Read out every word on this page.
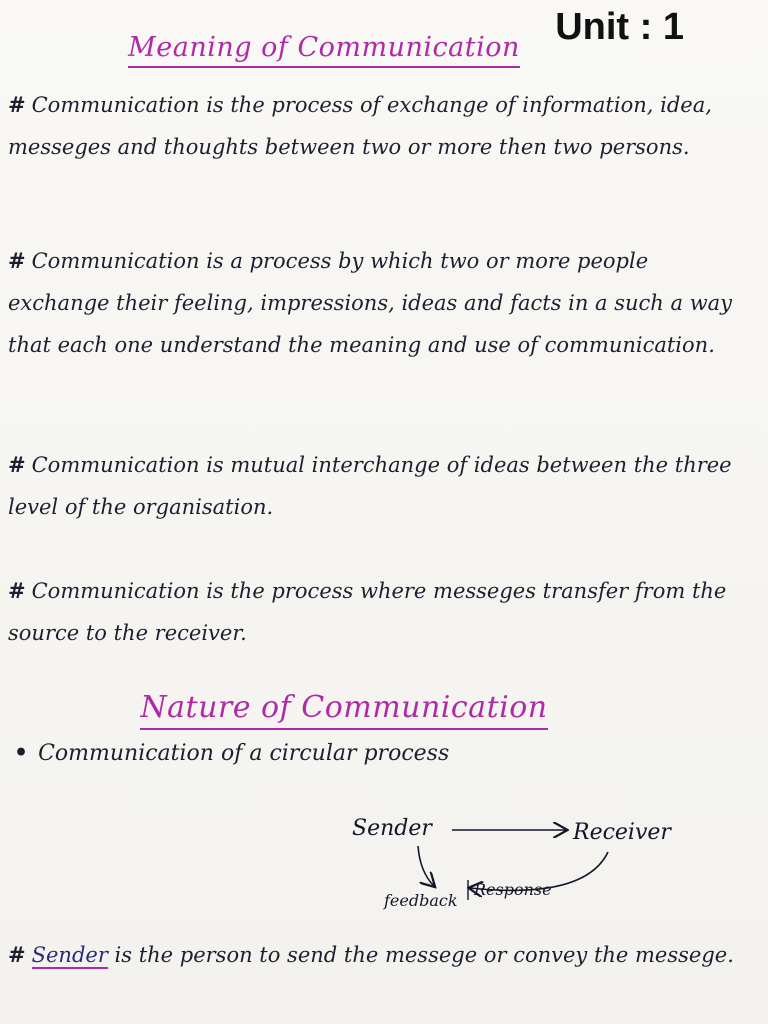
Unit : 1
Meaning of Communication
# Communication is the process of exchange of information, idea, messeges and thoughts between two or more then two persons.
# Communication is a process by which two or more people exchange their feeling, impressions, ideas and facts in a such a way that each one understand the meaning and use of communication.
# Communication is mutual interchange of ideas between the three level of the organisation.
# Communication is the process where messeges transfer from the source to the receiver.
Nature of Communication
• Communication of a circular process
Sender	Receiver
feedback
Response
# Sender is the person to send the messege or convey the messege.
